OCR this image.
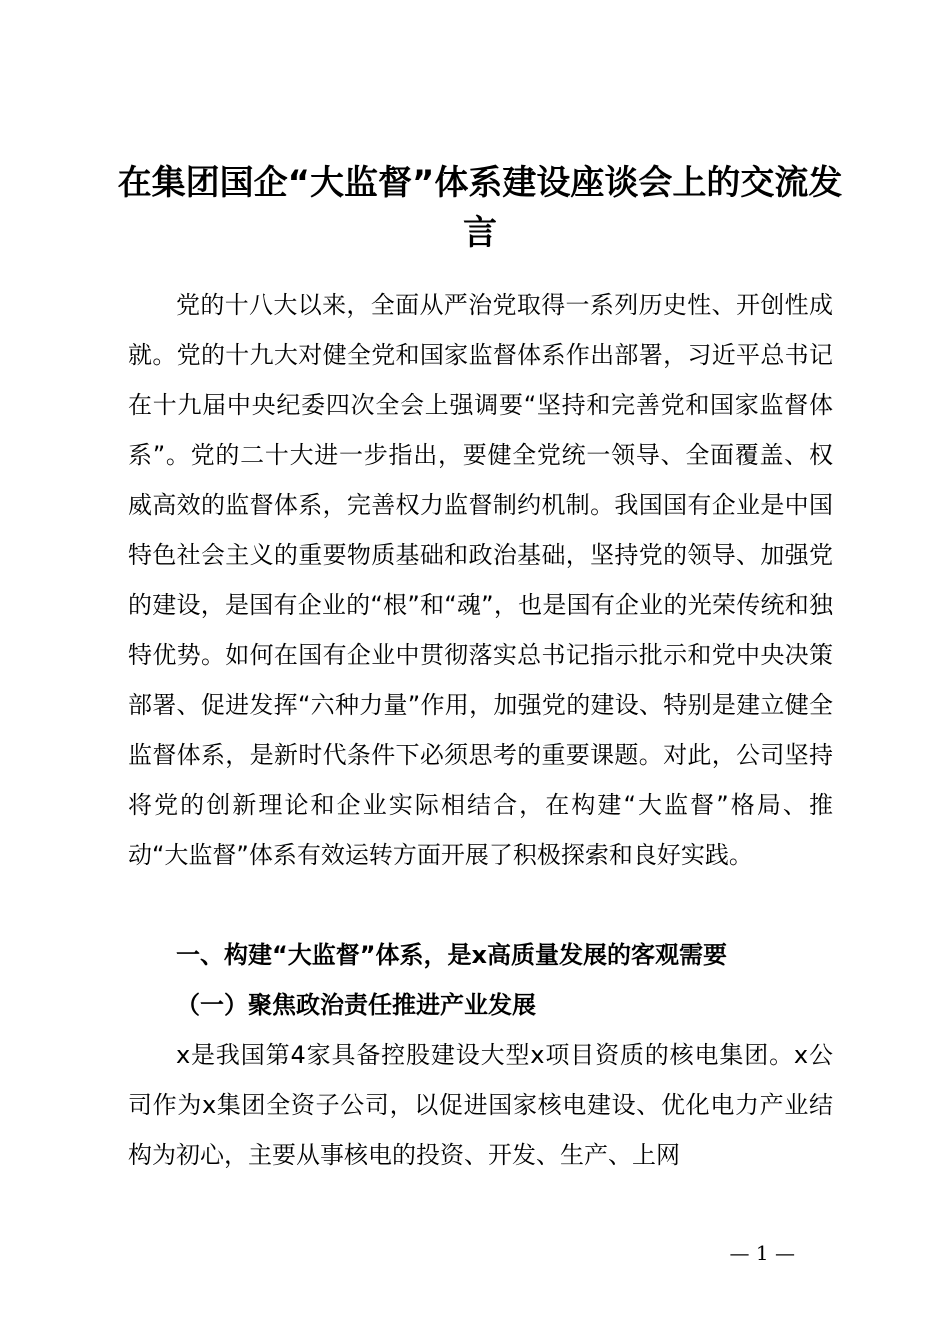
在集团国企“大监督”体系建设座谈会上的交流发言

党的十八大以来，全面从严治党取得一系列历史性、开创性成就。党的十九大对健全党和国家监督体系作出部署，习近平总书记在十九届中央纪委四次全会上强调要“坚持和完善党和国家监督体系”。党的二十大进一步指出，要健全党统一领导、全面覆盖、权威高效的监督体系，完善权力监督制约机制。我国国有企业是中国特色社会主义的重要物质基础和政治基础，坚持党的领导、加强党的建设，是国有企业的“根”和“魂”，也是国有企业的光荣传统和独特优势。如何在国有企业中贯彻落实总书记指示批示和党中央决策部署、促进发挥“六种力量”作用，加强党的建设、特别是建立健全监督体系，是新时代条件下必须思考的重要课题。对此，公司坚持将党的创新理论和企业实际相结合，在构建“大监督”格局、推动“大监督”体系有效运转方面开展了积极探索和良好实践。

一、构建“大监督”体系，是x高质量发展的客观需要

（一）聚焦政治责任推进产业发展

x是我国第4家具备控股建设大型x项目资质的核电集团。x公司作为x集团全资子公司，以促进国家核电建设、优化电力产业结构为初心，主要从事核电的投资、开发、生产、上网

— 1 —
